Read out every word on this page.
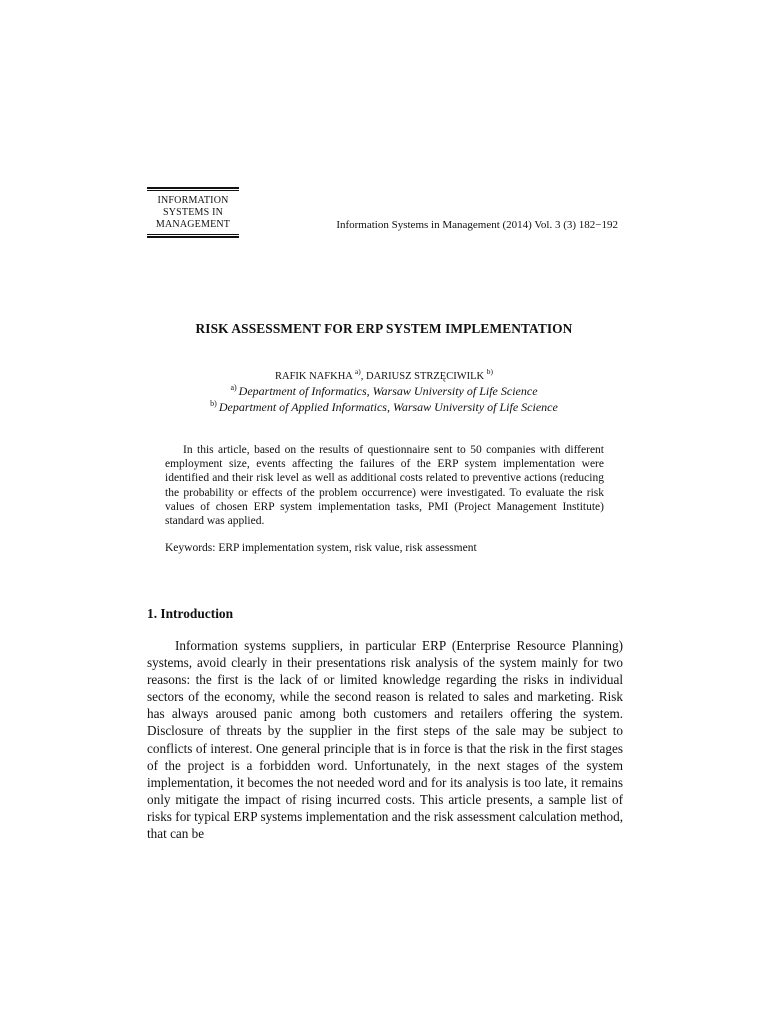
INFORMATION
SYSTEMS IN
MANAGEMENT	Information Systems in Management (2014) Vol. 3 (3) 182−192
RISK ASSESSMENT FOR ERP SYSTEM IMPLEMENTATION
RAFIK NAFKHA $^{a)}$, DARIUSZ STRZĘCIWILK $^{b)}$
$^{a)}$ Department of Informatics, Warsaw University of Life Science
$^{b)}$ Department of Applied Informatics, Warsaw University of Life Science

In this article, based on the results of questionnaire sent to 50 companies with different employment size, events affecting the failures of the ERP system implementation were identified and their risk level as well as additional costs related to preventive actions (reducing the probability or effects of the problem occurrence) were investigated. To evaluate the risk values of chosen ERP system implementation tasks, PMI (Project Management Institute) standard was applied.

Keywords: ERP implementation system, risk value, risk assessment
1. Introduction

Information systems suppliers, in particular ERP (Enterprise Resource Planning) systems, avoid clearly in their presentations risk analysis of the system mainly for two reasons: the first is the lack of or limited knowledge regarding the risks in individual sectors of the economy, while the second reason is related to sales and marketing. Risk has always aroused panic among both customers and retailers offering the system. Disclosure of threats by the supplier in the first steps of the sale may be subject to conflicts of interest. One general principle that is in force is that the risk in the first stages of the project is a forbidden word. Unfortunately, in the next stages of the system implementation, it becomes the not needed word and for its analysis is too late, it remains only mitigate the impact of rising incurred costs. This article presents, a sample list of risks for typical ERP systems implementation and the risk assessment calculation method, that can be
